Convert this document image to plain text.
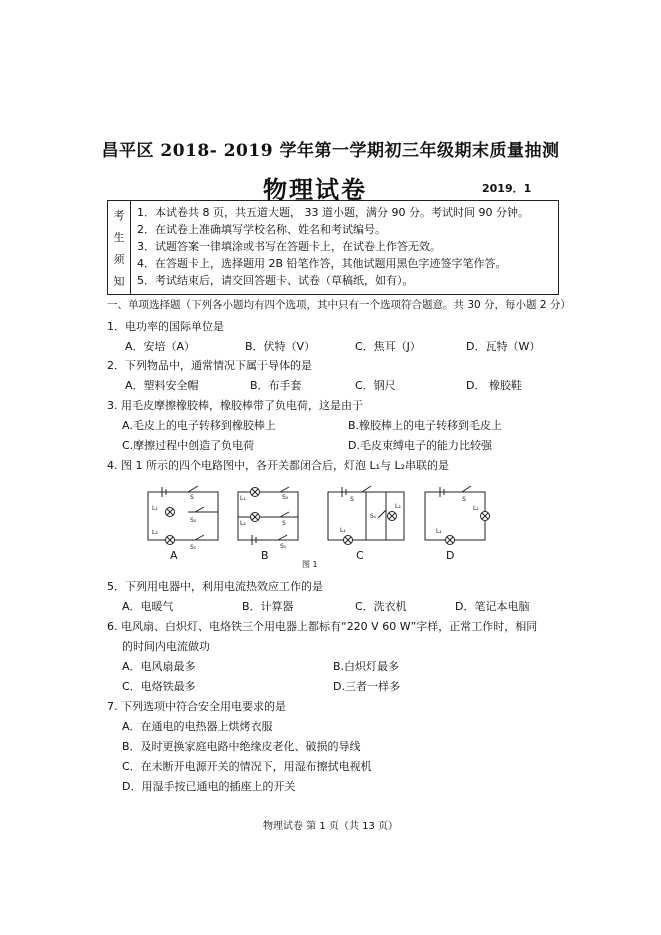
昌平区 2018- 2019 学年第一学期初三年级期末质量抽测
物理试卷	2019．1
考
生
须
知

1．本试卷共 8 页，共五道大题， 33 道小题，满分 90 分。考试时间 90 分钟。
2．在试卷上准确填写学校名称、姓名和考试编号。
3．试题答案一律填涂或书写在答题卡上，在试卷上作答无效。
4．在答题卡上，选择题用 2B 铅笔作答，其他试题用黑色字迹签字笔作答。
5．考试结束后，请交回答题卡、试卷（草稿纸，如有）。
一、单项选择题（下列各小题均有四个选项，其中只有一个选项符合题意。共 30 分，每小题 2 分）
1．电功率的国际单位是
A．安培（A）	B．伏特（V）	C．焦耳（J）	D．瓦特（W）
2．下列物品中，通常情况下属于导体的是
A．塑料安全帽	B．布手套	C．钢尺	D． 橡胶鞋
3. 用毛皮摩擦橡胶棒，橡胶棒带了负电荷，这是由于
A.毛皮上的电子转移到橡胶棒上	B.橡胶棒上的电子转移到毛皮上
C.摩擦过程中创造了负电荷	D.毛皮束缚电子的能力比较强
4. 图 1 所示的四个电路图中，各开关都闭合后，灯泡 L₁与 L₂串联的是
S
L₁
S₂
L₂
S₁
L₁	S₂
L₂	S
S₁
S
S₁
L₂
L₁
S
L₂
L₁
A	B	C	D
图 1
5．下列用电器中，利用电流热效应工作的是
A．电暖气	B．计算器	C．洗衣机	D．笔记本电脑
6. 电风扇、白炽灯、电烙铁三个用电器上都标有“220 V 60 W”字样，正常工作时，相同
的时间内电流做功
A．电风扇最多	B.白炽灯最多
C．电烙铁最多	D.三者一样多
7. 下列选项中符合安全用电要求的是
A．在通电的电热器上烘烤衣服
B．及时更换家庭电路中绝缘皮老化、破损的导线
C．在未断开电源开关的情况下，用湿布擦拭电视机
D．用湿手按已通电的插座上的开关
物理试卷 第 1 页（共 13 页）
